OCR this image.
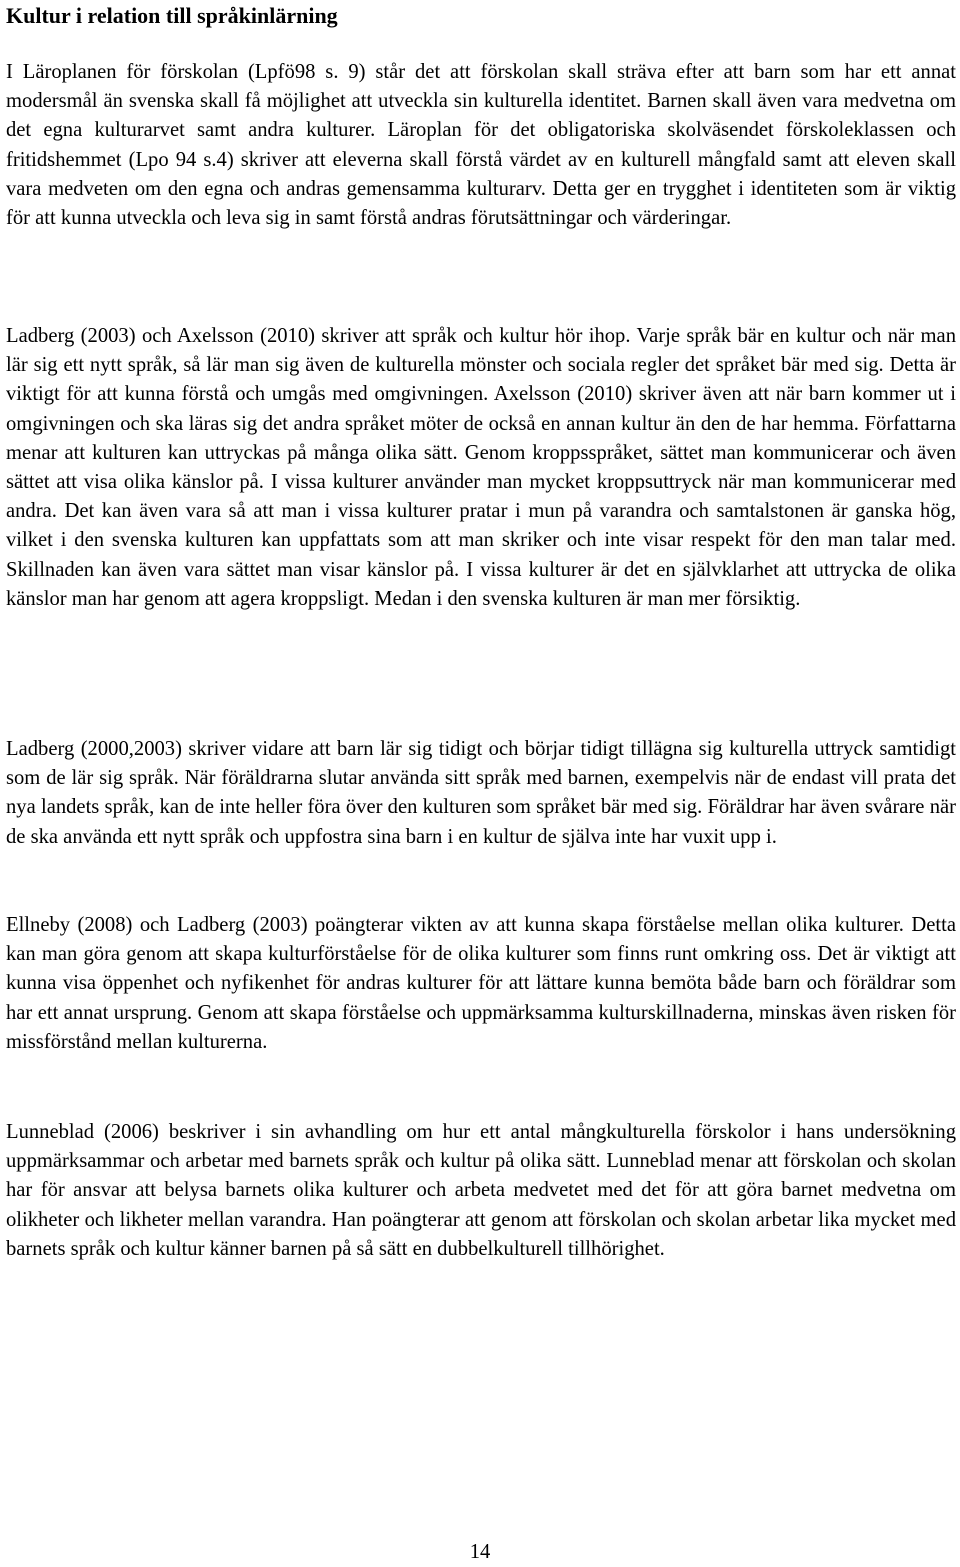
Kultur i relation till språkinlärning

I Läroplanen för förskolan (Lpfö98 s. 9) står det att förskolan skall sträva efter att barn som har ett annat modersmål än svenska skall få möjlighet att utveckla sin kulturella identitet. Barnen skall även vara medvetna om det egna kulturarvet samt andra kulturer. Läroplan för det obligatoriska skolväsendet förskoleklassen och fritidshemmet (Lpo 94 s.4) skriver att eleverna skall förstå värdet av en kulturell mångfald samt att eleven skall vara medveten om den egna och andras gemensamma kulturarv. Detta ger en trygghet i identiteten som är viktig för att kunna utveckla och leva sig in samt förstå andras förutsättningar och värderingar.

Ladberg (2003) och Axelsson (2010) skriver att språk och kultur hör ihop. Varje språk bär en kultur och när man lär sig ett nytt språk, så lär man sig även de kulturella mönster och sociala regler det språket bär med sig. Detta är viktigt för att kunna förstå och umgås med omgivningen. Axelsson (2010) skriver även att när barn kommer ut i omgivningen och ska läras sig det andra språket möter de också en annan kultur än den de har hemma. Författarna menar att kulturen kan uttryckas på många olika sätt. Genom kroppsspråket, sättet man kommunicerar och även sättet att visa olika känslor på. I vissa kulturer använder man mycket kroppsuttryck när man kommunicerar med andra. Det kan även vara så att man i vissa kulturer pratar i mun på varandra och samtalstonen är ganska hög, vilket i den svenska kulturen kan uppfattats som att man skriker och inte visar respekt för den man talar med. Skillnaden kan även vara sättet man visar känslor på. I vissa kulturer är det en självklarhet att uttrycka de olika känslor man har genom att agera kroppsligt. Medan i den svenska kulturen är man mer försiktig.

Ladberg (2000,2003) skriver vidare att barn lär sig tidigt och börjar tidigt tillägna sig kulturella uttryck samtidigt som de lär sig språk. När föräldrarna slutar använda sitt språk med barnen, exempelvis när de endast vill prata det nya landets språk, kan de inte heller föra över den kulturen som språket bär med sig. Föräldrar har även svårare när de ska använda ett nytt språk och uppfostra sina barn i en kultur de själva inte har vuxit upp i.

Ellneby (2008) och Ladberg (2003) poängterar vikten av att kunna skapa förståelse mellan olika kulturer. Detta kan man göra genom att skapa kulturförståelse för de olika kulturer som finns runt omkring oss. Det är viktigt att kunna visa öppenhet och nyfikenhet för andras kulturer för att lättare kunna bemöta både barn och föräldrar som har ett annat ursprung. Genom att skapa förståelse och uppmärksamma kulturskillnaderna, minskas även risken för missförstånd mellan kulturerna.

Lunneblad (2006) beskriver i sin avhandling om hur ett antal mångkulturella förskolor i hans undersökning uppmärksammar och arbetar med barnets språk och kultur på olika sätt. Lunneblad menar att förskolan och skolan har för ansvar att belysa barnets olika kulturer och arbeta medvetet med det för att göra barnet medvetna om olikheter och likheter mellan varandra. Han poängterar att genom att förskolan och skolan arbetar lika mycket med barnets språk och kultur känner barnen på så sätt en dubbelkulturell tillhörighet.

14
